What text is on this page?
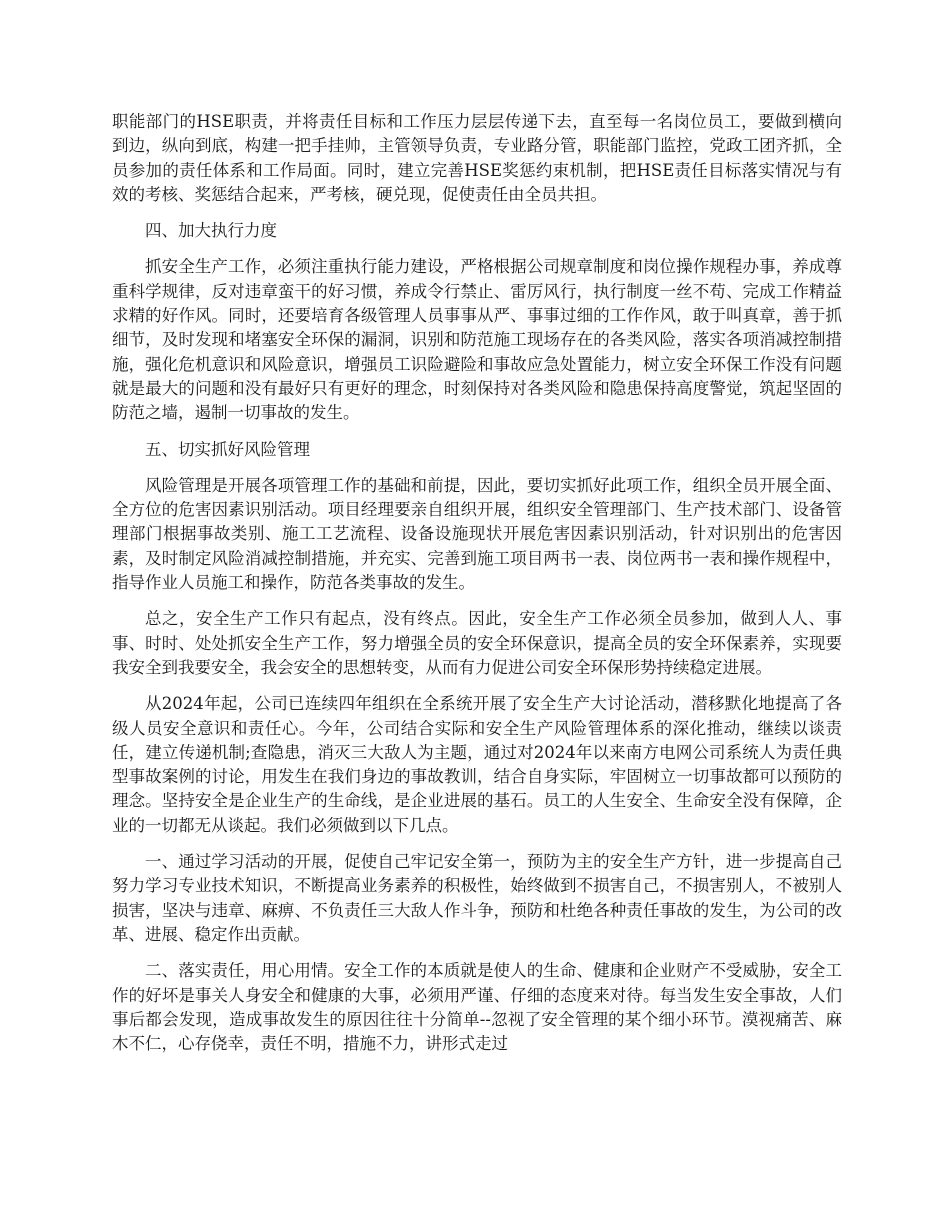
职能部门的HSE职责，并将责任目标和工作压力层层传递下去，直至每一名岗位员工，要做到横向到边，纵向到底，构建一把手挂帅，主管领导负责，专业路分管，职能部门监控，党政工团齐抓，全员参加的责任体系和工作局面。同时，建立完善HSE奖惩约束机制，把HSE责任目标落实情况与有效的考核、奖惩结合起来，严考核，硬兑现，促使责任由全员共担。

四、加大执行力度

抓安全生产工作，必须注重执行能力建设，严格根据公司规章制度和岗位操作规程办事，养成尊重科学规律，反对违章蛮干的好习惯，养成令行禁止、雷厉风行，执行制度一丝不苟、完成工作精益求精的好作风。同时，还要培育各级管理人员事事从严、事事过细的工作作风，敢于叫真章，善于抓细节，及时发现和堵塞安全环保的漏洞，识别和防范施工现场存在的各类风险，落实各项消减控制措施，强化危机意识和风险意识，增强员工识险避险和事故应急处置能力，树立安全环保工作没有问题就是最大的问题和没有最好只有更好的理念，时刻保持对各类风险和隐患保持高度警觉，筑起坚固的防范之墙，遏制一切事故的发生。

五、切实抓好风险管理

风险管理是开展各项管理工作的基础和前提，因此，要切实抓好此项工作，组织全员开展全面、全方位的危害因素识别活动。项目经理要亲自组织开展，组织安全管理部门、生产技术部门、设备管理部门根据事故类别、施工工艺流程、设备设施现状开展危害因素识别活动，针对识别出的危害因素，及时制定风险消减控制措施，并充实、完善到施工项目两书一表、岗位两书一表和操作规程中，指导作业人员施工和操作，防范各类事故的发生。

总之，安全生产工作只有起点，没有终点。因此，安全生产工作必须全员参加，做到人人、事事、时时、处处抓安全生产工作，努力增强全员的安全环保意识，提高全员的安全环保素养，实现要我安全到我要安全，我会安全的思想转变，从而有力促进公司安全环保形势持续稳定进展。

从2024年起，公司已连续四年组织在全系统开展了安全生产大讨论活动，潜移默化地提高了各级人员安全意识和责任心。今年，公司结合实际和安全生产风险管理体系的深化推动，继续以谈责任，建立传递机制;查隐患，消灭三大敌人为主题，通过对2024年以来南方电网公司系统人为责任典型事故案例的讨论，用发生在我们身边的事故教训，结合自身实际，牢固树立一切事故都可以预防的理念。坚持安全是企业生产的生命线，是企业进展的基石。员工的人生安全、生命安全没有保障，企业的一切都无从谈起。我们必须做到以下几点。

一、通过学习活动的开展，促使自己牢记安全第一，预防为主的安全生产方针，进一步提高自己努力学习专业技术知识，不断提高业务素养的积极性，始终做到不损害自己，不损害别人，不被别人损害，坚决与违章、麻痹、不负责任三大敌人作斗争，预防和杜绝各种责任事故的发生，为公司的改革、进展、稳定作出贡献。

二、落实责任，用心用情。安全工作的本质就是使人的生命、健康和企业财产不受威胁，安全工作的好坏是事关人身安全和健康的大事，必须用严谨、仔细的态度来对待。每当发生安全事故，人们事后都会发现，造成事故发生的原因往往十分简单--忽视了安全管理的某个细小环节。漠视痛苦、麻木不仁，心存侥幸，责任不明，措施不力，讲形式走过
